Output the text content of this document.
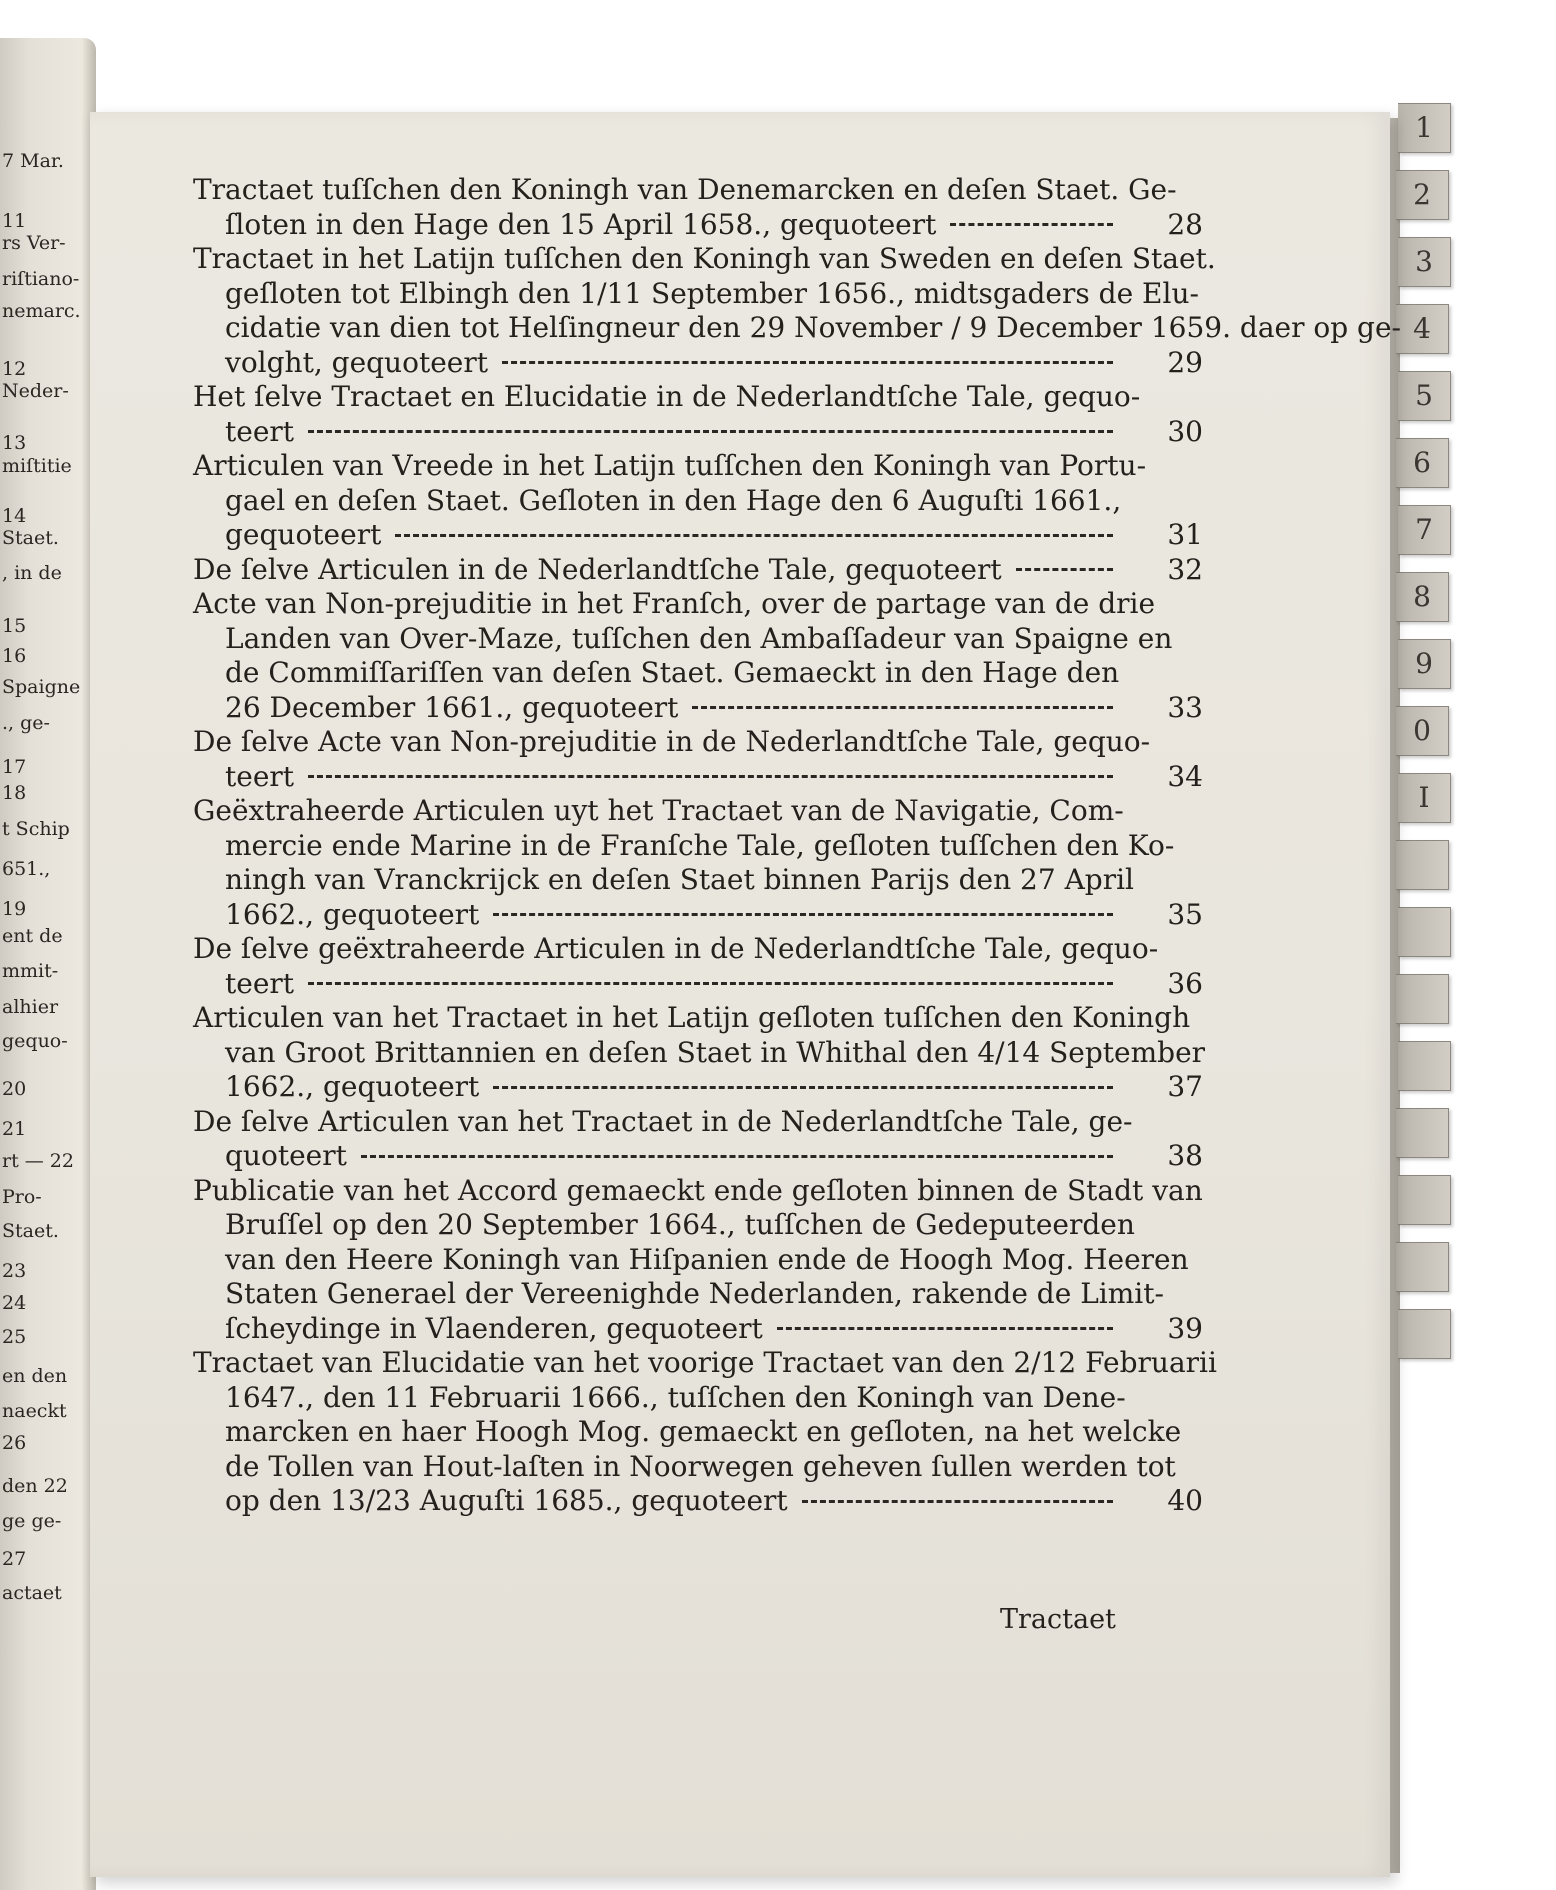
7 Mar.
11
rs Ver-
riſtiano-
nemarc.
12
Neder-
13
miſtitie
14
Staet.
, in de
15
16
Spaigne
., ge-
17
18
t Schip
651.,
19
ent de
mmit-
alhier
gequo-
20
21
rt — 22
Pro-
Staet.
23
24
25
en den
naeckt
26
den 22
ge ge-
27
actaet
1
2
3
4
5
6
7
8
9
0
I
Tractaet tuſſchen den Koningh van Denemarcken en deſen Staet. Ge-
ſloten in den Hage den 15 April 1658., gequoteert	28
Tractaet in het Latijn tuſſchen den Koningh van Sweden en deſen Staet.
geſloten tot Elbingh den 1/11 September 1656., midtsgaders de Elu-
cidatie van dien tot Helſingneur den 29 November / 9 December 1659. daer op ge-
volght, gequoteert	29
Het ſelve Tractaet en Elucidatie in de Nederlandtſche Tale, gequo-
teert	30
Articulen van Vreede in het Latijn tuſſchen den Koningh van Portu-
gael en deſen Staet. Geſloten in den Hage den 6 Auguſti 1661.,
gequoteert	31
De ſelve Articulen in de Nederlandtſche Tale, gequoteert	32
Acte van Non-prejuditie in het Franſch, over de partage van de drie
Landen van Over-Maze, tuſſchen den Ambaſſadeur van Spaigne en
de Commiſſariſſen van deſen Staet. Gemaeckt in den Hage den
26 December 1661., gequoteert	33
De ſelve Acte van Non-prejuditie in de Nederlandtſche Tale, gequo-
teert	34
Geëxtraheerde Articulen uyt het Tractaet van de Navigatie, Com-
mercie ende Marine in de Franſche Tale, geſloten tuſſchen den Ko-
ningh van Vranckrijck en deſen Staet binnen Parijs den 27 April
1662., gequoteert	35
De ſelve geëxtraheerde Articulen in de Nederlandtſche Tale, gequo-
teert	36
Articulen van het Tractaet in het Latijn geſloten tuſſchen den Koningh
van Groot Brittannien en deſen Staet in Whithal den 4/14 September
1662., gequoteert	37
De ſelve Articulen van het Tractaet in de Nederlandtſche Tale, ge-
quoteert	38
Publicatie van het Accord gemaeckt ende geſloten binnen de Stadt van
Bruſſel op den 20 September 1664., tuſſchen de Gedeputeerden
van den Heere Koningh van Hiſpanien ende de Hoogh Mog. Heeren
Staten Generael der Vereenighde Nederlanden, rakende de Limit-
ſcheydinge in Vlaenderen, gequoteert	39
Tractaet van Elucidatie van het voorige Tractaet van den 2/12 Februarii
1647., den 11 Februarii 1666., tuſſchen den Koningh van Dene-
marcken en haer Hoogh Mog. gemaeckt en geſloten, na het welcke
de Tollen van Hout-laſten in Noorwegen geheven ſullen werden tot
op den 13/23 Auguſti 1685., gequoteert	40
Tractaet
